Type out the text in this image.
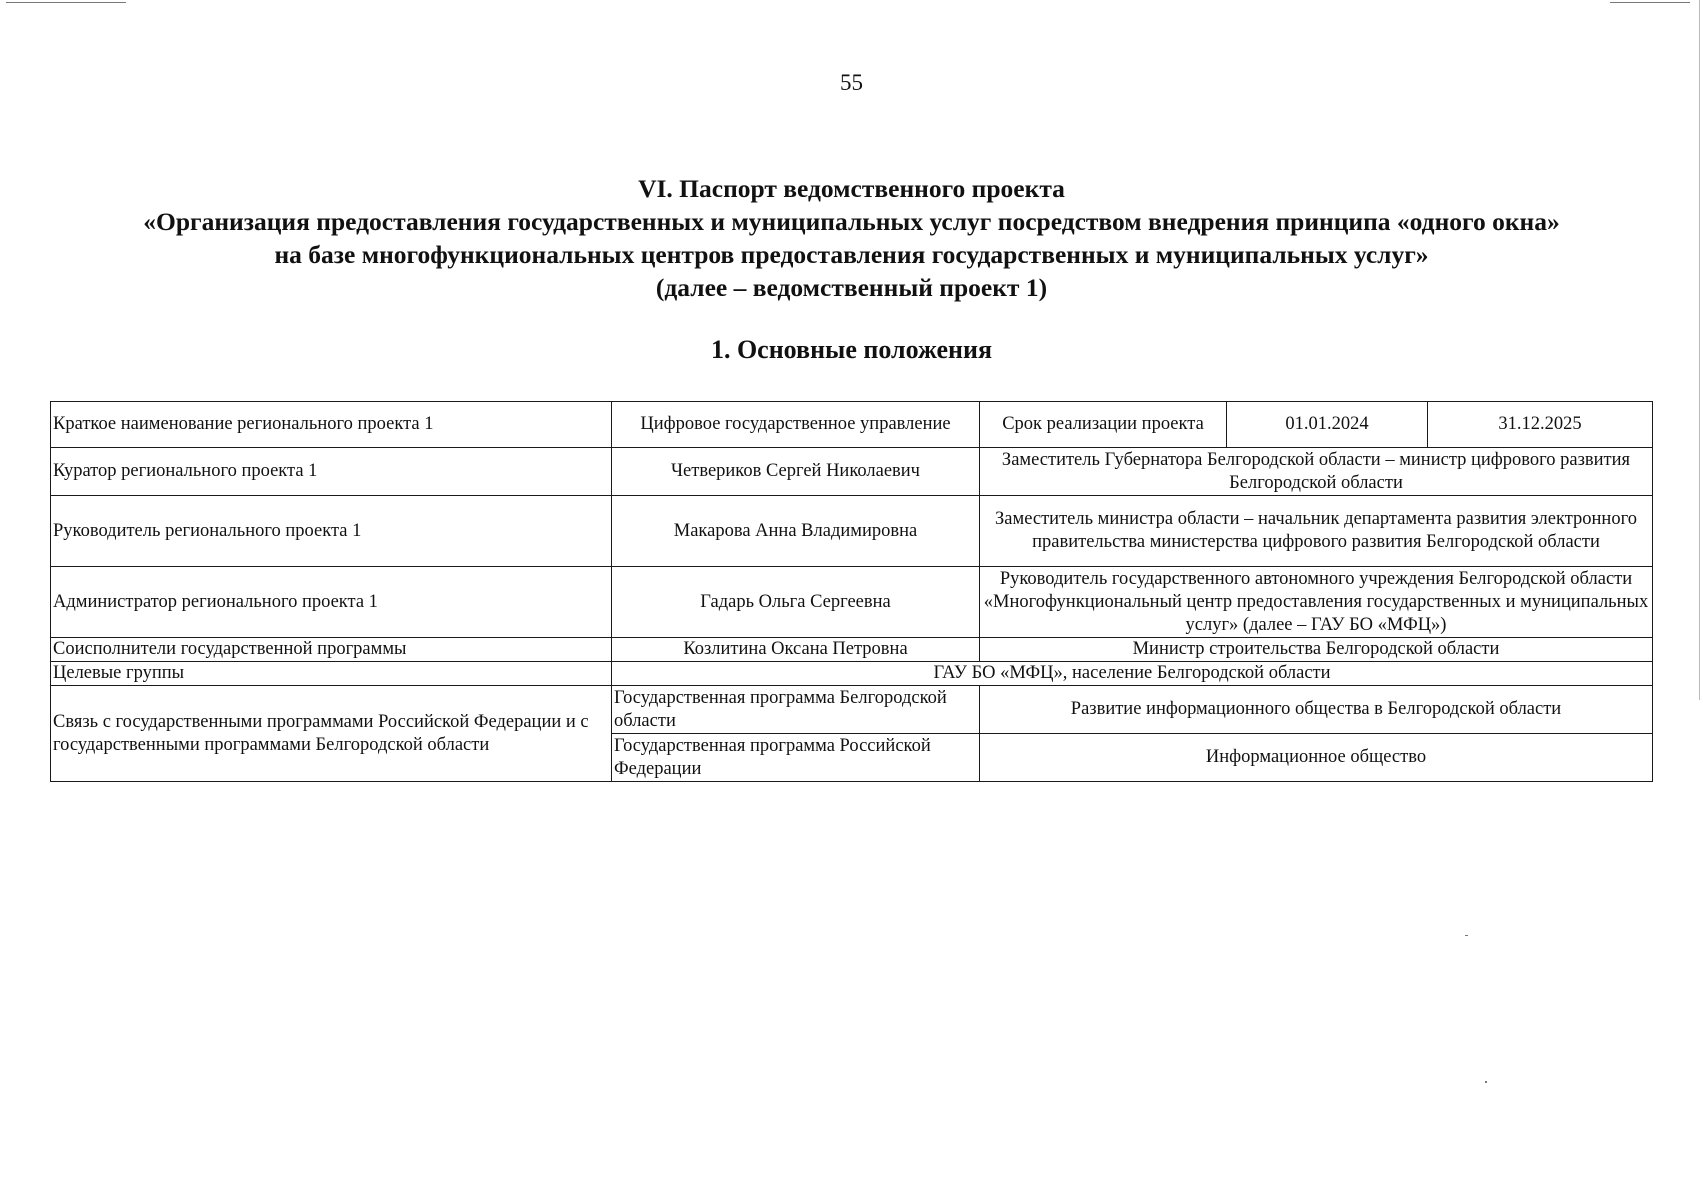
55
VI. Паспорт ведомственного проекта
«Организация предоставления государственных и муниципальных услуг посредством внедрения принципа «одного окна»
на базе многофункциональных центров предоставления государственных и муниципальных услуг»
(далее – ведомственный проект 1)
1. Основные положения
Краткое наименование регионального проекта 1	Цифровое государственное управление	Срок реализации проекта	01.01.2024	31.12.2025
Куратор регионального проекта 1	Четвериков Сергей Николаевич	Заместитель Губернатора Белгородской области – министр цифрового развития Белгородской области		
Руководитель регионального проекта 1	Макарова Анна Владимировна	Заместитель министра области – начальник департамента развития электронного правительства министерства цифрового развития Белгородской области		
Администратор регионального проекта 1	Гадарь Ольга Сергеевна	Руководитель государственного автономного учреждения Белгородской области «Многофункциональный центр предоставления государственных и муниципальных услуг» (далее – ГАУ БО «МФЦ»)		
Соисполнители государственной программы	Козлитина Оксана Петровна	Министр строительства Белгородской области		
Целевые группы	ГАУ БО «МФЦ», население Белгородской области			
Связь с государственными программами Российской Федерации и с государственными программами Белгородской области	Государственная программа Белгородской области	Развитие информационного общества в Белгородской области		
	Государственная программа Российской Федерации	Информационное общество		
